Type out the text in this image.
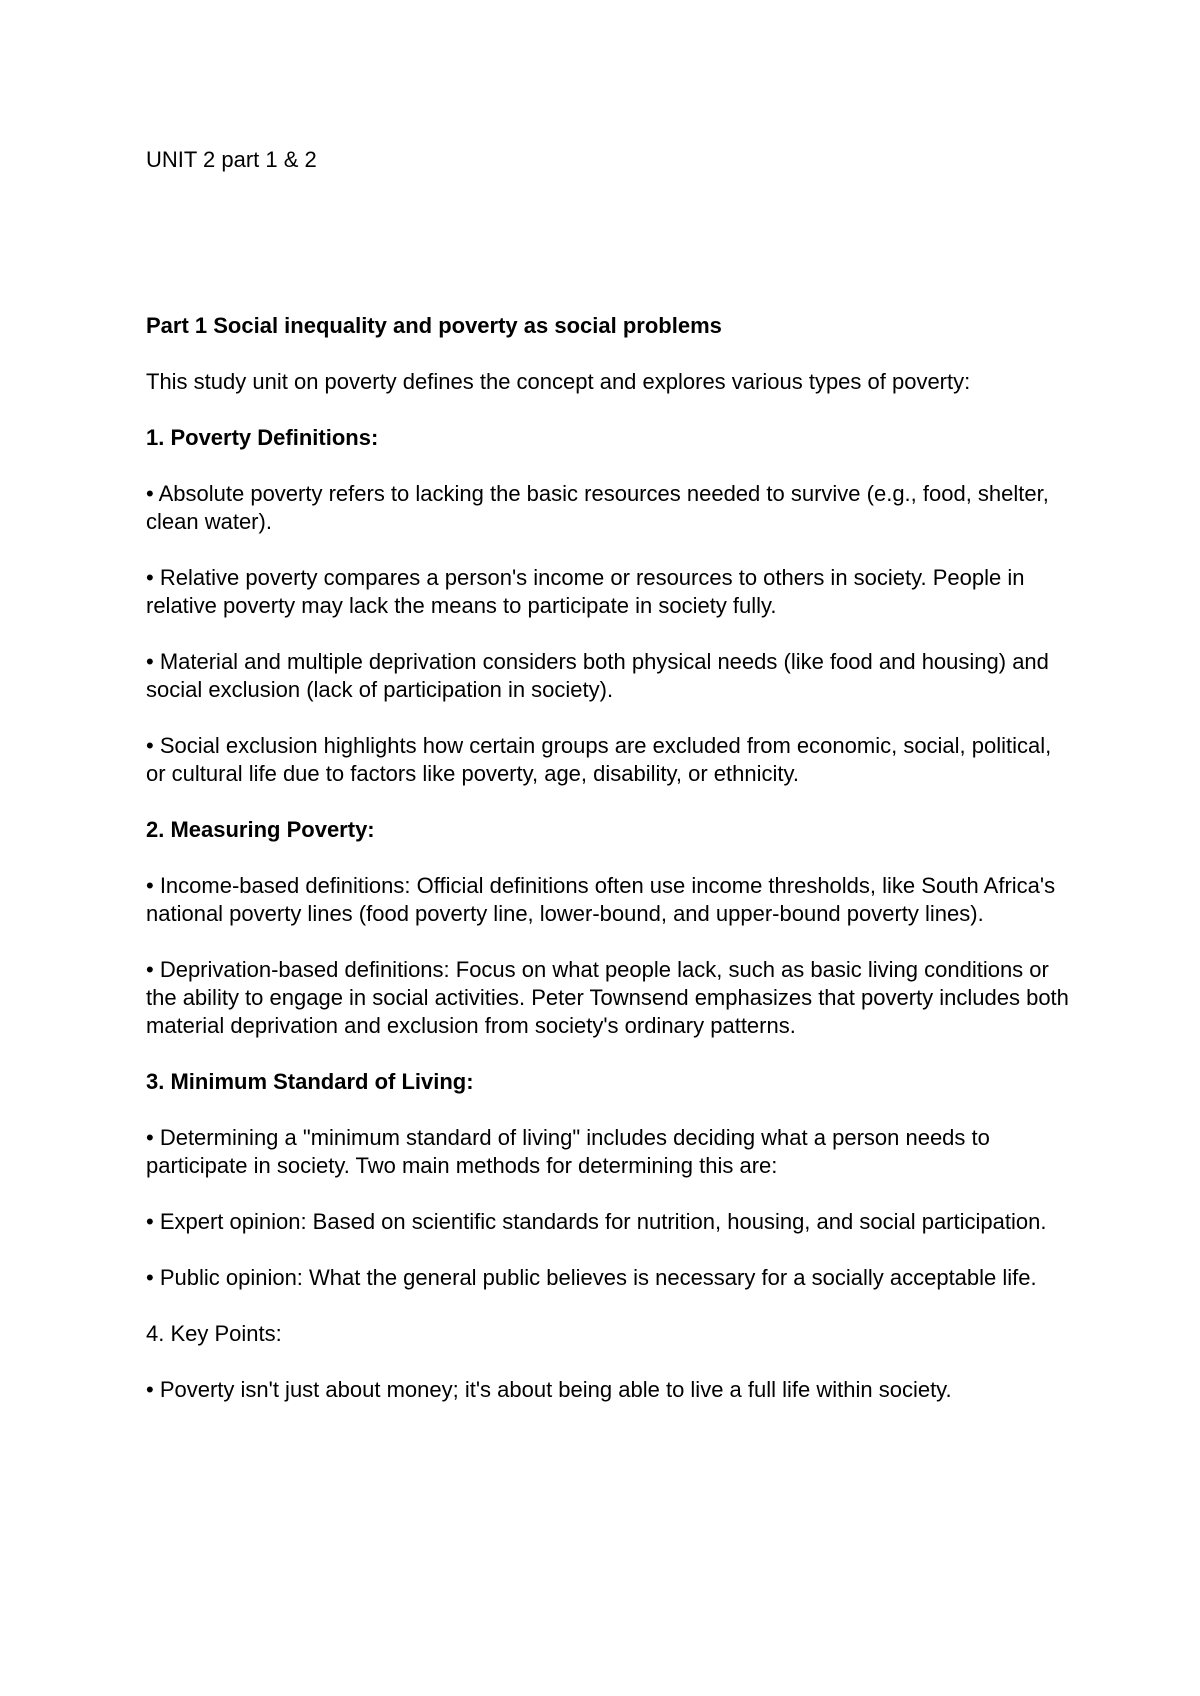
UNIT 2 part 1 & 2
Part 1 Social inequality and poverty as social problems

This study unit on poverty defines the concept and explores various types of poverty:

1. Poverty Definitions:

• Absolute poverty refers to lacking the basic resources needed to survive (e.g., food, shelter, clean water).

• Relative poverty compares a person's income or resources to others in society. People in relative poverty may lack the means to participate in society fully.

• Material and multiple deprivation considers both physical needs (like food and housing) and social exclusion (lack of participation in society).

• Social exclusion highlights how certain groups are excluded from economic, social, political, or cultural life due to factors like poverty, age, disability, or ethnicity.

2. Measuring Poverty:

• Income-based definitions: Official definitions often use income thresholds, like South Africa's national poverty lines (food poverty line, lower-bound, and upper-bound poverty lines).

• Deprivation-based definitions: Focus on what people lack, such as basic living conditions or the ability to engage in social activities. Peter Townsend emphasizes that poverty includes both material deprivation and exclusion from society's ordinary patterns.

3. Minimum Standard of Living:

• Determining a "minimum standard of living" includes deciding what a person needs to participate in society. Two main methods for determining this are:

• Expert opinion: Based on scientific standards for nutrition, housing, and social participation.

• Public opinion: What the general public believes is necessary for a socially acceptable life.

4. Key Points:

• Poverty isn't just about money; it's about being able to live a full life within society.
